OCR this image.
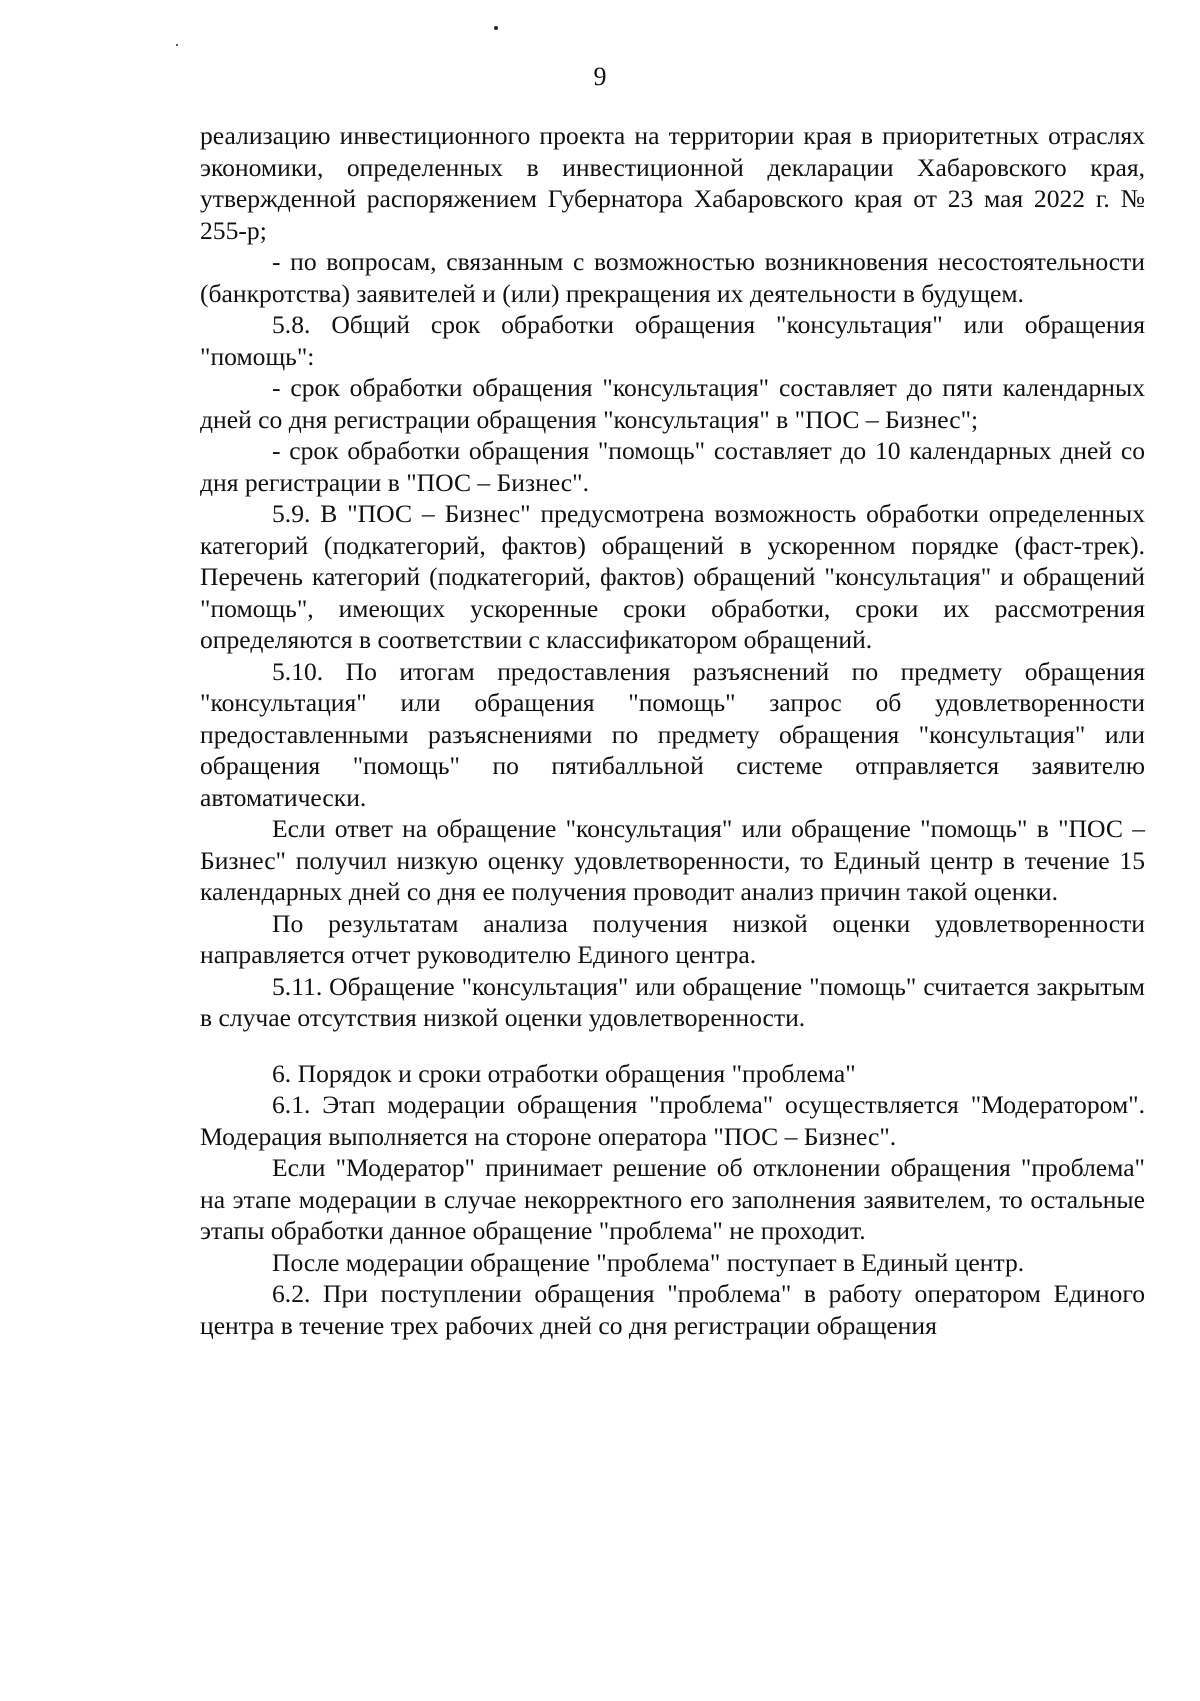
9

реализацию инвестиционного проекта на территории края в приоритетных отраслях экономики, определенных в инвестиционной декларации Хабаровского края, утвержденной распоряжением Губернатора Хабаровского края от 23 мая 2022 г. № 255-р;

- по вопросам, связанным с возможностью возникновения несостоятельности (банкротства) заявителей и (или) прекращения их деятельности в будущем.

5.8. Общий срок обработки обращения "консультация" или обращения "помощь":

- срок обработки обращения "консультация" составляет до пяти календарных дней со дня регистрации обращения "консультация" в "ПОС – Бизнес";

- срок обработки обращения "помощь" составляет до 10 календарных дней со дня регистрации в "ПОС – Бизнес".

5.9. В "ПОС – Бизнес" предусмотрена возможность обработки определенных категорий (подкатегорий, фактов) обращений в ускоренном порядке (фаст-трек). Перечень категорий (подкатегорий, фактов) обращений "консультация" и обращений "помощь", имеющих ускоренные сроки обработки, сроки их рассмотрения определяются в соответствии с классификатором обращений.

5.10. По итогам предоставления разъяснений по предмету обращения "консультация" или обращения "помощь" запрос об удовлетворенности предоставленными разъяснениями по предмету обращения "консультация" или обращения "помощь" по пятибалльной системе отправляется заявителю автоматически.

Если ответ на обращение "консультация" или обращение "помощь" в "ПОС – Бизнес" получил низкую оценку удовлетворенности, то Единый центр в течение 15 календарных дней со дня ее получения проводит анализ причин такой оценки.

По результатам анализа получения низкой оценки удовлетворенности направляется отчет руководителю Единого центра.

5.11. Обращение "консультация" или обращение "помощь" считается закрытым в случае отсутствия низкой оценки удовлетворенности.

6. Порядок и сроки отработки обращения "проблема"

6.1. Этап модерации обращения "проблема" осуществляется "Модератором". Модерация выполняется на стороне оператора "ПОС – Бизнес".

Если "Модератор" принимает решение об отклонении обращения "проблема" на этапе модерации в случае некорректного его заполнения заявителем, то остальные этапы обработки данное обращение "проблема" не проходит.

После модерации обращение "проблема" поступает в Единый центр.

6.2. При поступлении обращения "проблема" в работу оператором Единого центра в течение трех рабочих дней со дня регистрации обращения
